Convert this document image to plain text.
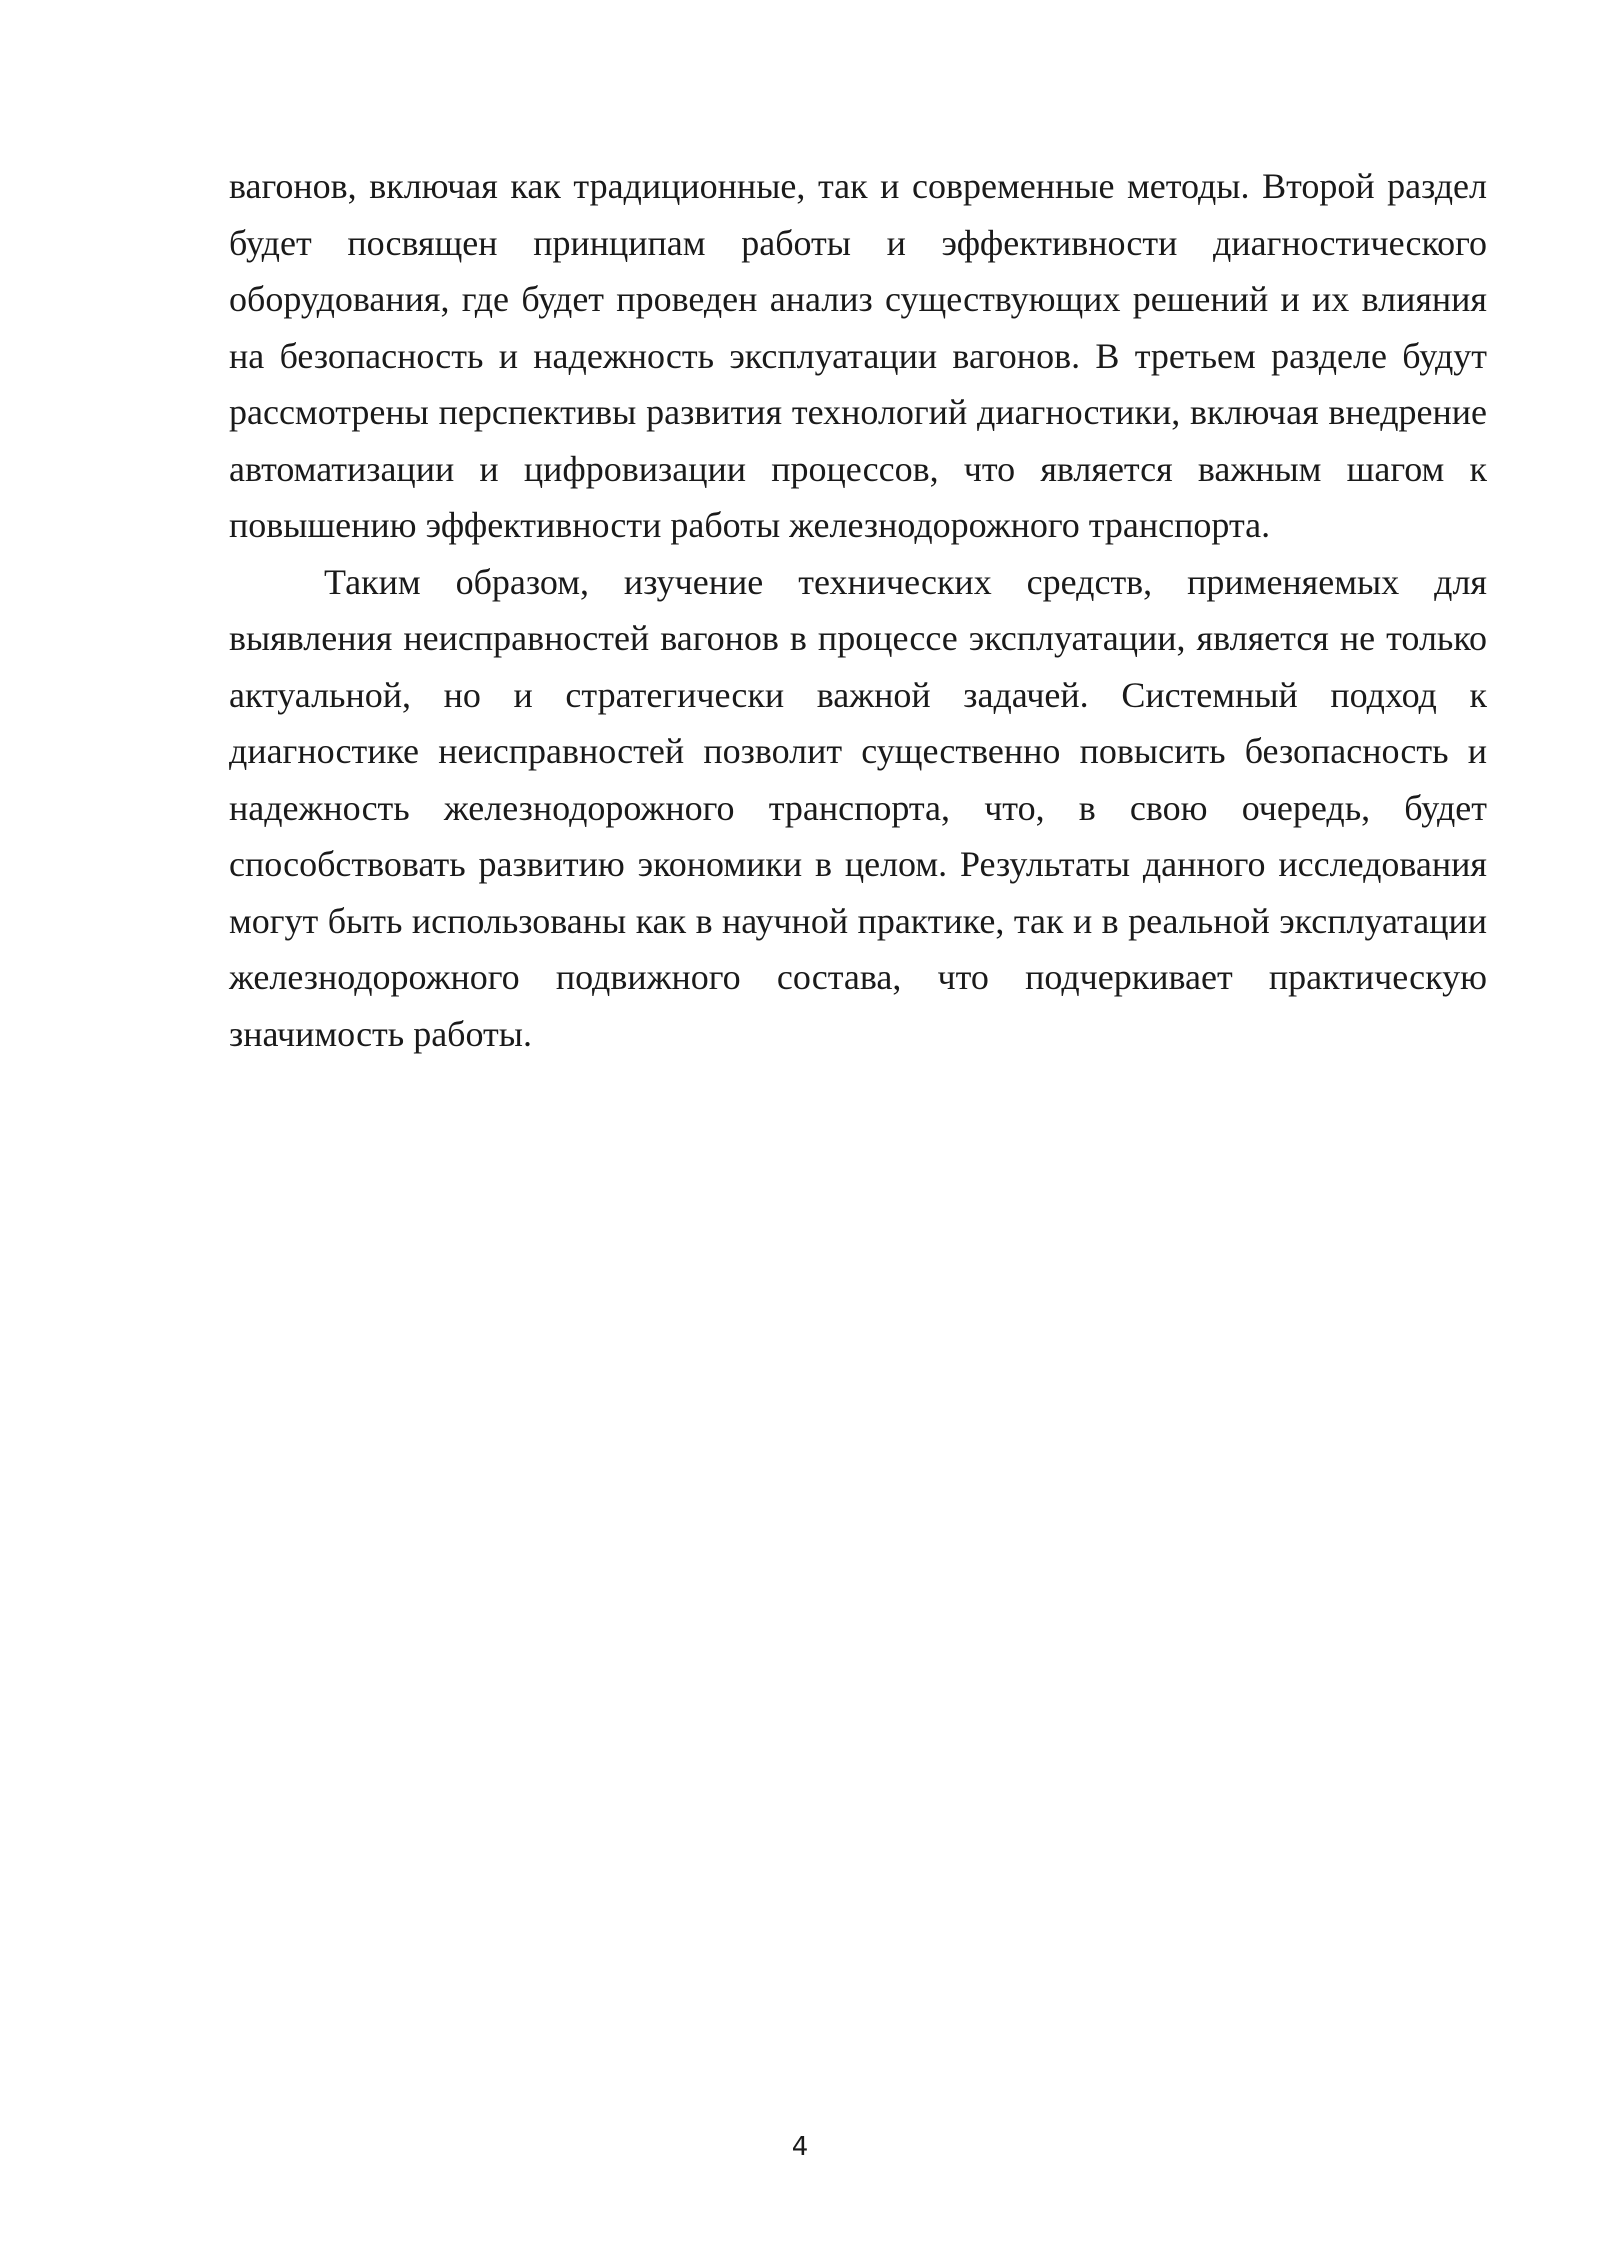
вагонов, включая как традиционные, так и современные методы. Второй раздел будет посвящен принципам работы и эффективности диагностического оборудования, где будет проведен анализ существующих решений и их влияния на безопасность и надежность эксплуатации вагонов. В третьем разделе будут рассмотрены перспективы развития технологий диагностики, включая внедрение автоматизации и цифровизации процессов, что является важным шагом к повышению эффективности работы железнодорожного транспорта.

Таким образом, изучение технических средств, применяемых для выявления неисправностей вагонов в процессе эксплуатации, является не только актуальной, но и стратегически важной задачей. Системный подход к диагностике неисправностей позволит существенно повысить безопасность и надежность железнодорожного транспорта, что, в свою очередь, будет способствовать развитию экономики в целом. Результаты данного исследования могут быть использованы как в научной практике, так и в реальной эксплуатации железнодорожного подвижного состава, что подчеркивает практическую значимость работы.

4
